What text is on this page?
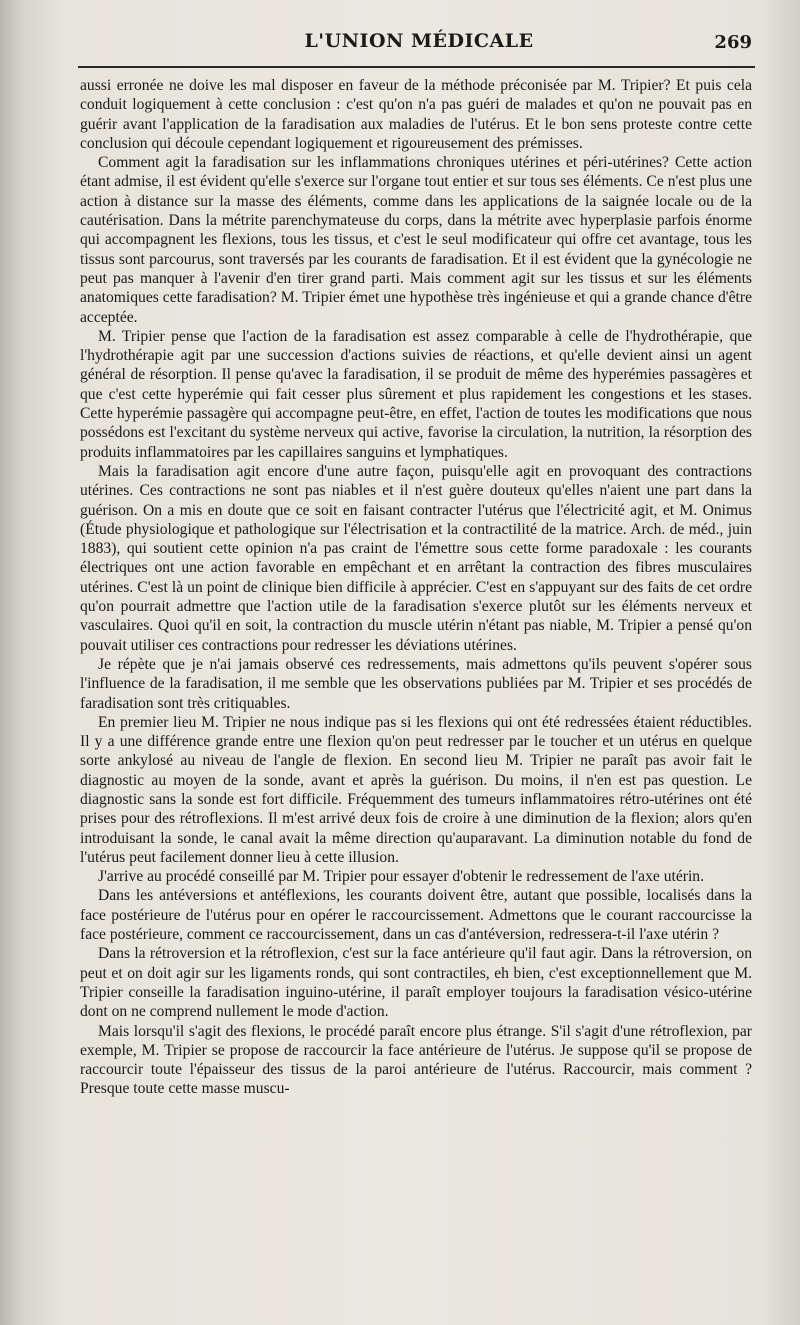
L'UNION MÉDICALE	269

aussi erronée ne doive les mal disposer en faveur de la méthode préconisée par M. Tripier? Et puis cela conduit logiquement à cette conclusion : c'est qu'on n'a pas guéri de malades et qu'on ne pouvait pas en guérir avant l'application de la faradisation aux maladies de l'utérus. Et le bon sens proteste contre cette conclusion qui découle cependant logiquement et rigoureusement des prémisses.

Comment agit la faradisation sur les inflammations chroniques utérines et péri-utérines? Cette action étant admise, il est évident qu'elle s'exerce sur l'organe tout entier et sur tous ses éléments. Ce n'est plus une action à distance sur la masse des éléments, comme dans les applications de la saignée locale ou de la cautérisation. Dans la métrite parenchymateuse du corps, dans la métrite avec hyperplasie parfois énorme qui accompagnent les flexions, tous les tissus, et c'est le seul modificateur qui offre cet avantage, tous les tissus sont parcourus, sont traversés par les courants de faradisation. Et il est évident que la gynécologie ne peut pas manquer à l'avenir d'en tirer grand parti. Mais comment agit sur les tissus et sur les éléments anatomiques cette faradisation? M. Tripier émet une hypothèse très ingénieuse et qui a grande chance d'être acceptée.

M. Tripier pense que l'action de la faradisation est assez comparable à celle de l'hydrothérapie, que l'hydrothérapie agit par une succession d'actions suivies de réactions, et qu'elle devient ainsi un agent général de résorption. Il pense qu'avec la faradisation, il se produit de même des hyperémies passagères et que c'est cette hyperémie qui fait cesser plus sûrement et plus rapidement les congestions et les stases. Cette hyperémie passagère qui accompagne peut-être, en effet, l'action de toutes les modifications que nous possédons est l'excitant du système nerveux qui active, favorise la circulation, la nutrition, la résorption des produits inflammatoires par les capillaires sanguins et lymphatiques.

Mais la faradisation agit encore d'une autre façon, puisqu'elle agit en provoquant des contractions utérines. Ces contractions ne sont pas niables et il n'est guère douteux qu'elles n'aient une part dans la guérison. On a mis en doute que ce soit en faisant contracter l'utérus que l'électricité agit, et M. Onimus (Étude physiologique et pathologique sur l'électrisation et la contractilité de la matrice. Arch. de méd., juin 1883), qui soutient cette opinion n'a pas craint de l'émettre sous cette forme paradoxale : les courants électriques ont une action favorable en empêchant et en arrêtant la contraction des fibres musculaires utérines. C'est là un point de clinique bien difficile à apprécier. C'est en s'appuyant sur des faits de cet ordre qu'on pourrait admettre que l'action utile de la faradisation s'exerce plutôt sur les éléments nerveux et vasculaires. Quoi qu'il en soit, la contraction du muscle utérin n'étant pas niable, M. Tripier a pensé qu'on pouvait utiliser ces contractions pour redresser les déviations utérines.

Je répète que je n'ai jamais observé ces redressements, mais admettons qu'ils peuvent s'opérer sous l'influence de la faradisation, il me semble que les observations publiées par M. Tripier et ses procédés de faradisation sont très critiquables.

En premier lieu M. Tripier ne nous indique pas si les flexions qui ont été redressées étaient réductibles. Il y a une différence grande entre une flexion qu'on peut redresser par le toucher et un utérus en quelque sorte ankylosé au niveau de l'angle de flexion. En second lieu M. Tripier ne paraît pas avoir fait le diagnostic au moyen de la sonde, avant et après la guérison. Du moins, il n'en est pas question. Le diagnostic sans la sonde est fort difficile. Fréquemment des tumeurs inflammatoires rétro-utérines ont été prises pour des rétroflexions. Il m'est arrivé deux fois de croire à une diminution de la flexion; alors qu'en introduisant la sonde, le canal avait la même direction qu'auparavant. La diminution notable du fond de l'utérus peut facilement donner lieu à cette illusion.

J'arrive au procédé conseillé par M. Tripier pour essayer d'obtenir le redressement de l'axe utérin.

Dans les antéversions et antéflexions, les courants doivent être, autant que possible, localisés dans la face postérieure de l'utérus pour en opérer le raccourcissement. Admettons que le courant raccourcisse la face postérieure, comment ce raccourcissement, dans un cas d'antéversion, redressera-t-il l'axe utérin ?

Dans la rétroversion et la rétroflexion, c'est sur la face antérieure qu'il faut agir. Dans la rétroversion, on peut et on doit agir sur les ligaments ronds, qui sont contractiles, eh bien, c'est exceptionnellement que M. Tripier conseille la faradisation inguino-utérine, il paraît employer toujours la faradisation vésico-utérine dont on ne comprend nullement le mode d'action.

Mais lorsqu'il s'agit des flexions, le procédé paraît encore plus étrange. S'il s'agit d'une rétroflexion, par exemple, M. Tripier se propose de raccourcir la face antérieure de l'utérus. Je suppose qu'il se propose de raccourcir toute l'épaisseur des tissus de la paroi antérieure de l'utérus. Raccourcir, mais comment ? Presque toute cette masse muscu-
